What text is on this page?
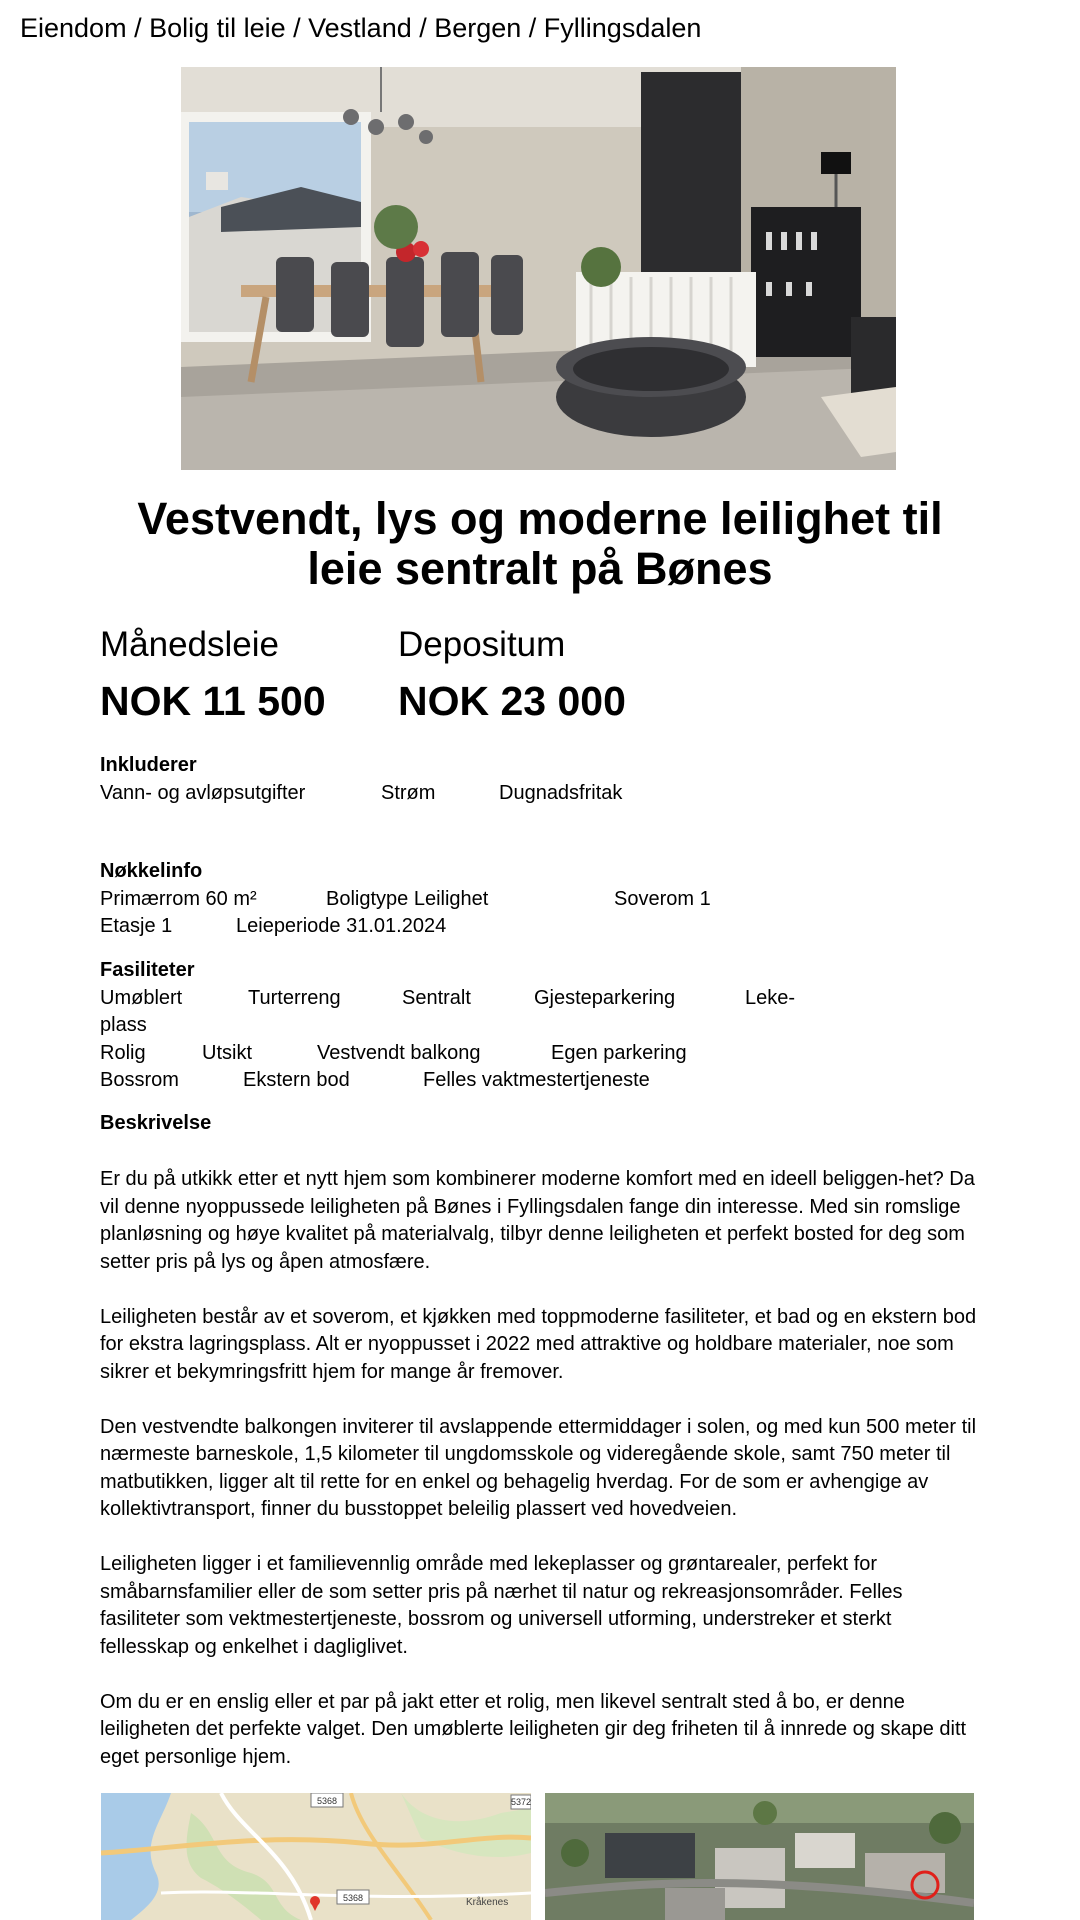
Eiendom / Bolig til leie / Vestland / Bergen / Fyllingsdalen
Vestvendt, lys og moderne leilighet til leie sentralt på Bønes
Månedsleie
NOK 11 500
Depositum
NOK 23 000
Inkluderer
Vann- og avløpsutgifter	Strøm	Dugnadsfritak
Nøkkelinfo
Primærrom 60 m²	Boligtype Leilighet	Soverom 1
Etasje 1	Leieperiode 31.01.2024
Fasiliteter
Umøblert	Turterreng	Sentralt	Gjesteparkering	Leke-
plass
Rolig	Utsikt	Vestvendt balkong	Egen parkering
Bossrom	Ekstern bod	Felles vaktmestertjeneste
Beskrivelse

Er du på utkikk etter et nytt hjem som kombinerer moderne komfort med en ideell beliggen-het? Da vil denne nyoppussede leiligheten på Bønes i Fyllingsdalen fange din interesse. Med sin romslige planløsning og høye kvalitet på materialvalg, tilbyr denne leiligheten et perfekt bosted for deg som setter pris på lys og åpen atmosfære.

Leiligheten består av et soverom, et kjøkken med toppmoderne fasiliteter, et bad og en ekstern bod for ekstra lagringsplass. Alt er nyoppusset i 2022 med attraktive og holdbare materialer, noe som sikrer et bekymringsfritt hjem for mange år fremover.

Den vestvendte balkongen inviterer til avslappende ettermiddager i solen, og med kun 500 meter til nærmeste barneskole, 1,5 kilometer til ungdomsskole og videregående skole, samt 750 meter til matbutikken, ligger alt til rette for en enkel og behagelig hverdag. For de som er avhengige av kollektivtransport, finner du busstoppet beleilig plassert ved hovedveien.

Leiligheten ligger i et familievennlig område med lekeplasser og grøntarealer, perfekt for småbarnsfamilier eller de som setter pris på nærhet til natur og rekreasjonsområder. Felles fasiliteter som vektmestertjeneste, bossrom og universell utforming, understreker et sterkt fellesskap og enkelhet i dagliglivet.

Om du er en enslig eller et par på jakt etter et rolig, men likevel sentralt sted å bo, er denne leiligheten det perfekte valget. Den umøblerte leiligheten gir deg friheten til å innrede og skape ditt eget personlige hjem.

5368	5372
Kråkenes
5368
